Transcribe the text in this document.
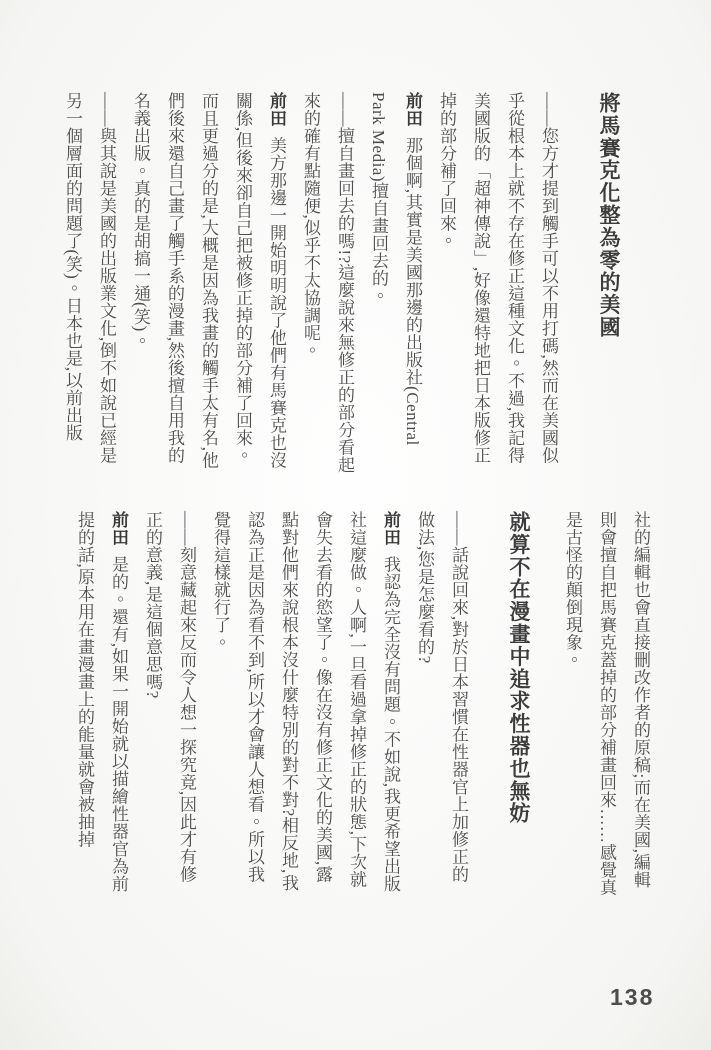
將馬賽克化整為零的美國

——您方才提到觸手可以不用打碼,然而在美國似乎從根本上就不存在修正這種文化。不過,我記得美國版的「超神傳說」,好像還特地把日本版修正掉的部分補了回來。

前田那個啊,其實是美國那邊的出版社(Central Park Media)擅自畫回去的。

——擅自畫回去的嗎!?這麼說來無修正的部分看起來的確有點隨便,似乎不太協調呢。

前田美方那邊一開始明明說了他們有馬賽克也沒關係,但後來卻自己把被修正掉的部分補了回來。而且更過分的是,大概是因為我畫的觸手太有名,他們後來還自己畫了觸手系的漫畫,然後擅自用我的名義出版。真的是胡搞一通(笑)。

——與其說是美國的出版業文化,倒不如說已經是另一個層面的問題了(笑)。日本也是,以前出版

社的編輯也會直接刪改作者的原稿;而在美國,編輯則會擅自把馬賽克蓋掉的部分補畫回來……感覺真是古怪的顛倒現象。

就算不在漫畫中追求性器也無妨

——話說回來,對於日本習慣在性器官上加修正的做法,您是怎麼看的?

前田我認為完全沒有問題。不如說,我更希望出版社這麼做。人啊,一旦看過拿掉修正的狀態,下次就會失去看的慾望了。像在沒有修正文化的美國,露點對他們來說根本沒什麼特別的對不對?相反地,我認為正是因為看不到,所以才會讓人想看。所以我覺得這樣就行了。

——刻意藏起來反而令人想一探究竟,因此才有修正的意義,是這個意思嗎?

前田是的。還有,如果一開始就以描繪性器官為前提的話,原本用在畫漫畫上的能量就會被抽掉

138
